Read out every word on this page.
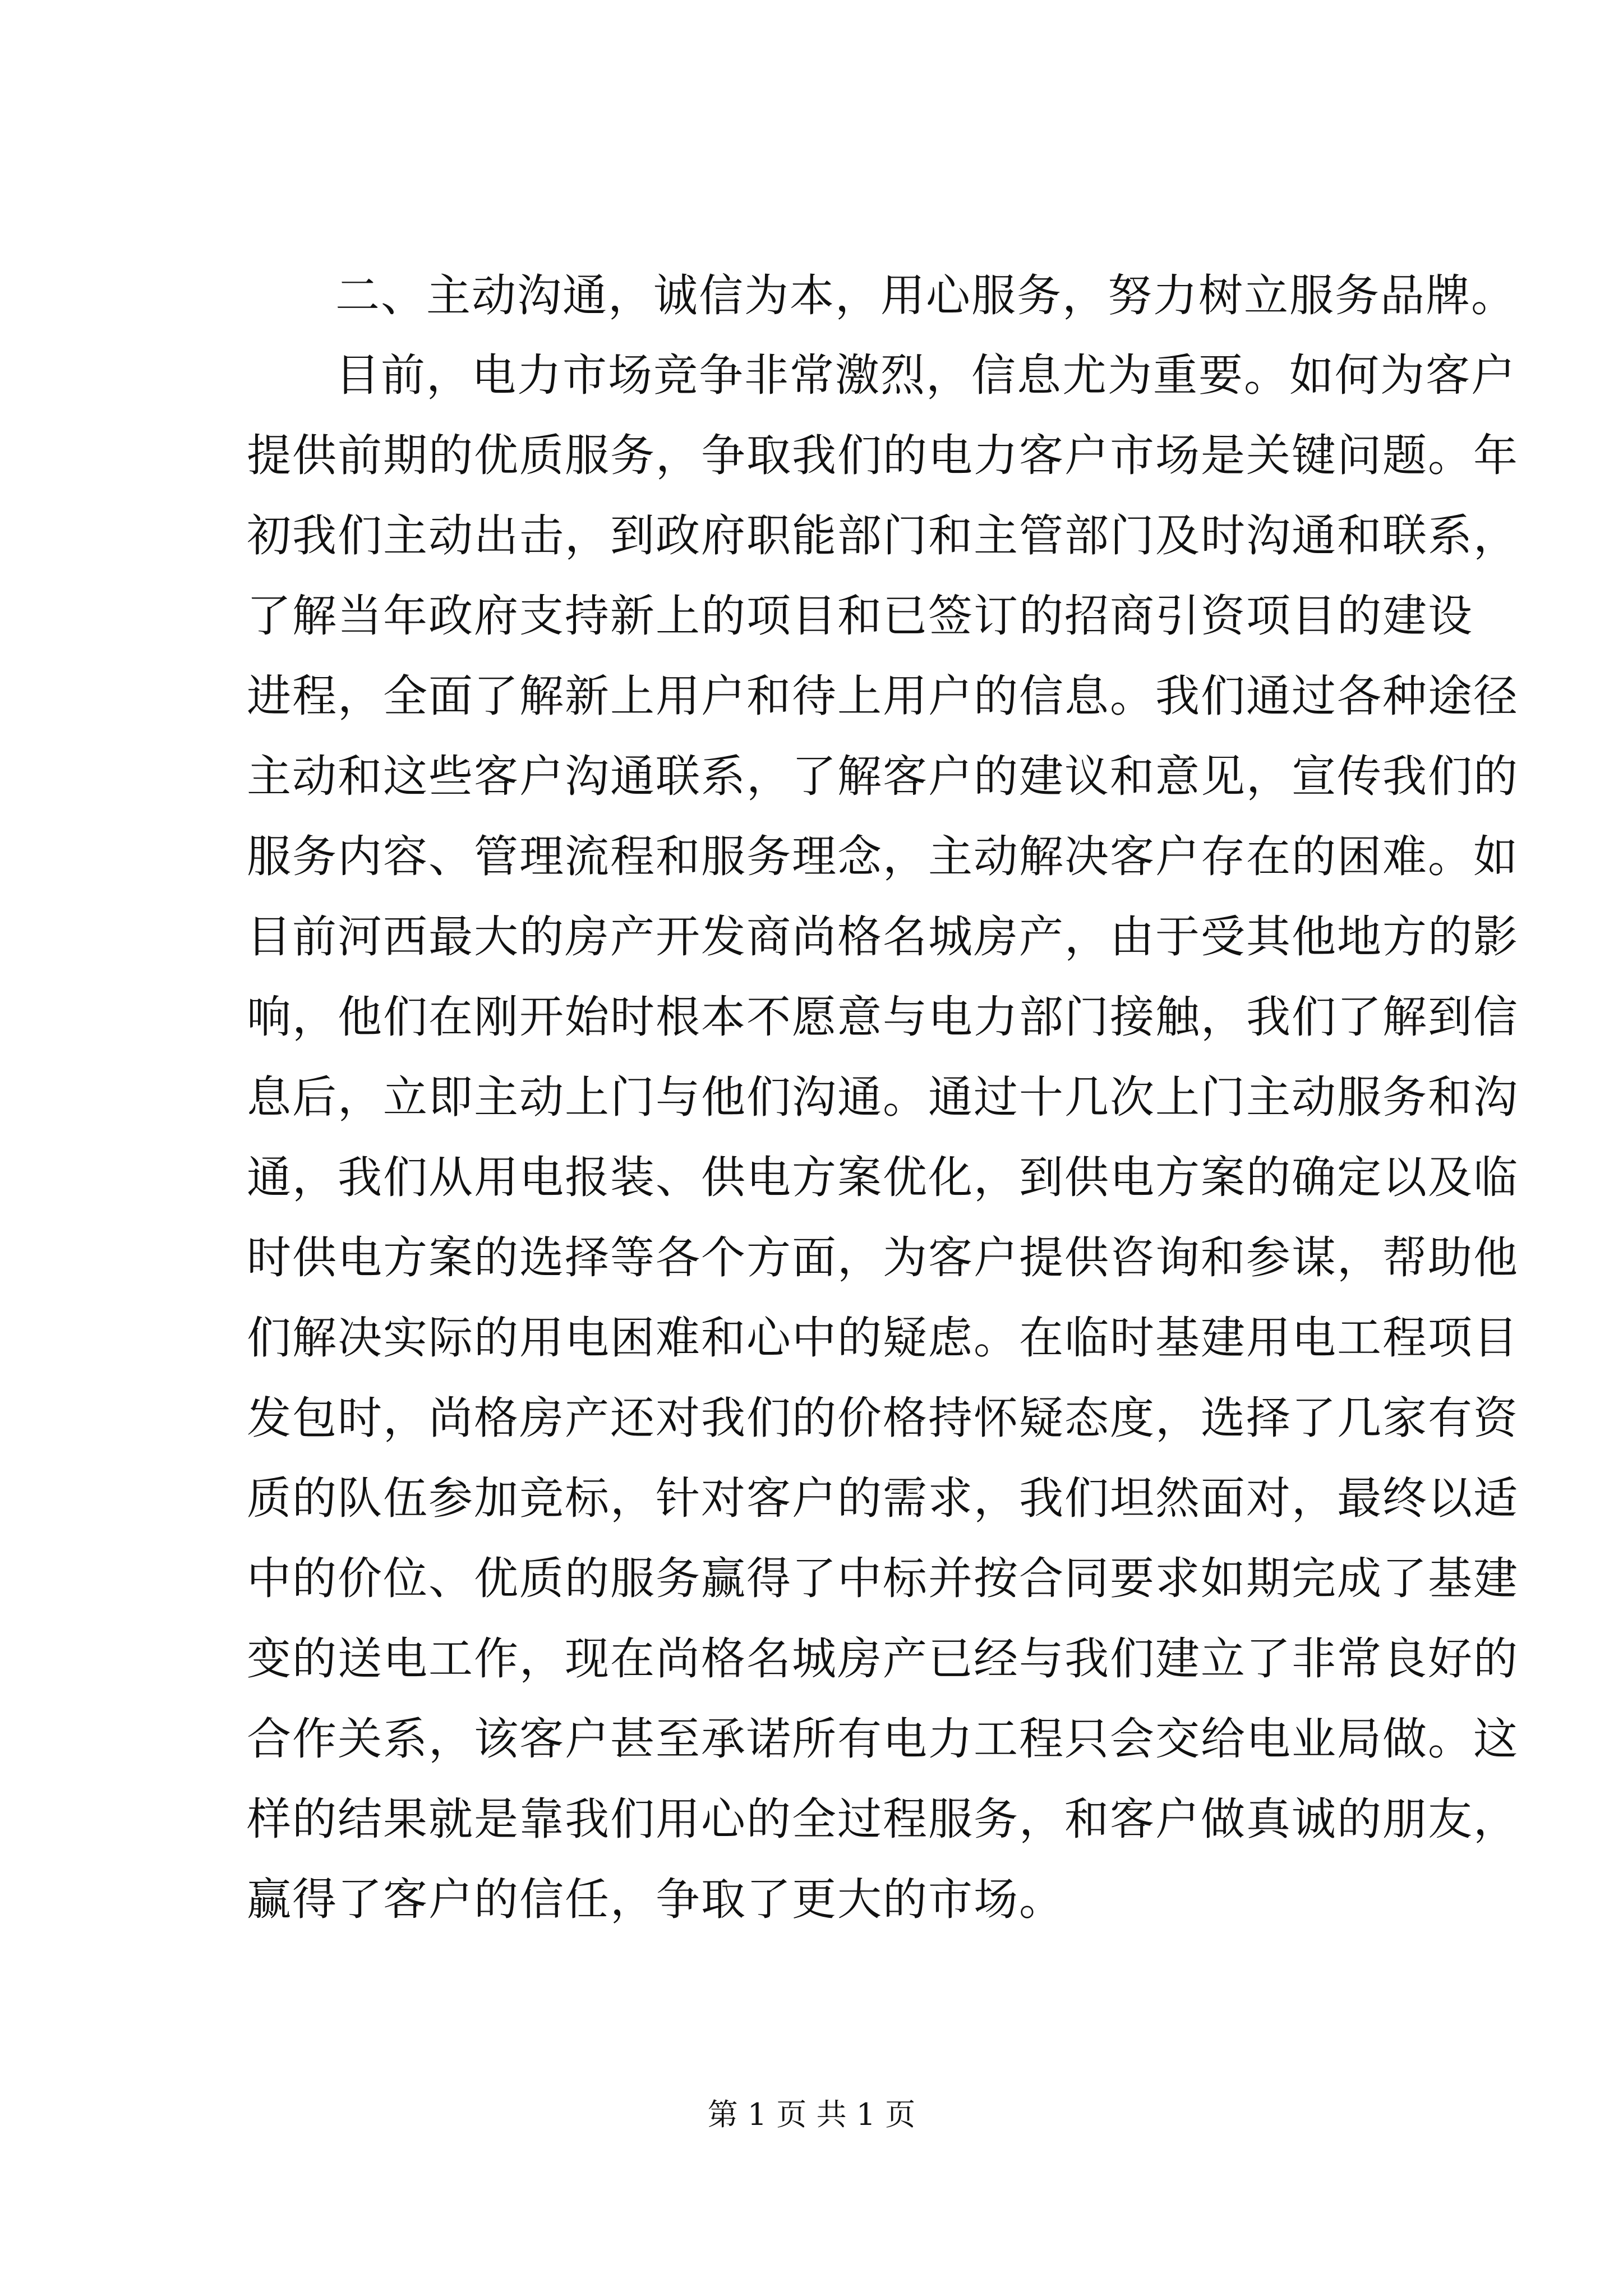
二、主动沟通，诚信为本，用心服务，努力树立服务品牌。
目前，电力市场竞争非常激烈，信息尤为重要。如何为客户
提供前期的优质服务，争取我们的电力客户市场是关键问题。年
初我们主动出击，到政府职能部门和主管部门及时沟通和联系，
了解当年政府支持新上的项目和已签订的招商引资项目的建设
进程，全面了解新上用户和待上用户的信息。我们通过各种途径
主动和这些客户沟通联系，了解客户的建议和意见，宣传我们的
服务内容、管理流程和服务理念，主动解决客户存在的困难。如
目前河西最大的房产开发商尚格名城房产，由于受其他地方的影
响，他们在刚开始时根本不愿意与电力部门接触，我们了解到信
息后，立即主动上门与他们沟通。通过十几次上门主动服务和沟
通，我们从用电报装、供电方案优化，到供电方案的确定以及临
时供电方案的选择等各个方面，为客户提供咨询和参谋，帮助他
们解决实际的用电困难和心中的疑虑。在临时基建用电工程项目
发包时，尚格房产还对我们的价格持怀疑态度，选择了几家有资
质的队伍参加竞标，针对客户的需求，我们坦然面对，最终以适
中的价位、优质的服务赢得了中标并按合同要求如期完成了基建
变的送电工作，现在尚格名城房产已经与我们建立了非常良好的
合作关系，该客户甚至承诺所有电力工程只会交给电业局做。这
样的结果就是靠我们用心的全过程服务，和客户做真诚的朋友，
赢得了客户的信任，争取了更大的市场。
第 1 页 共 1 页
